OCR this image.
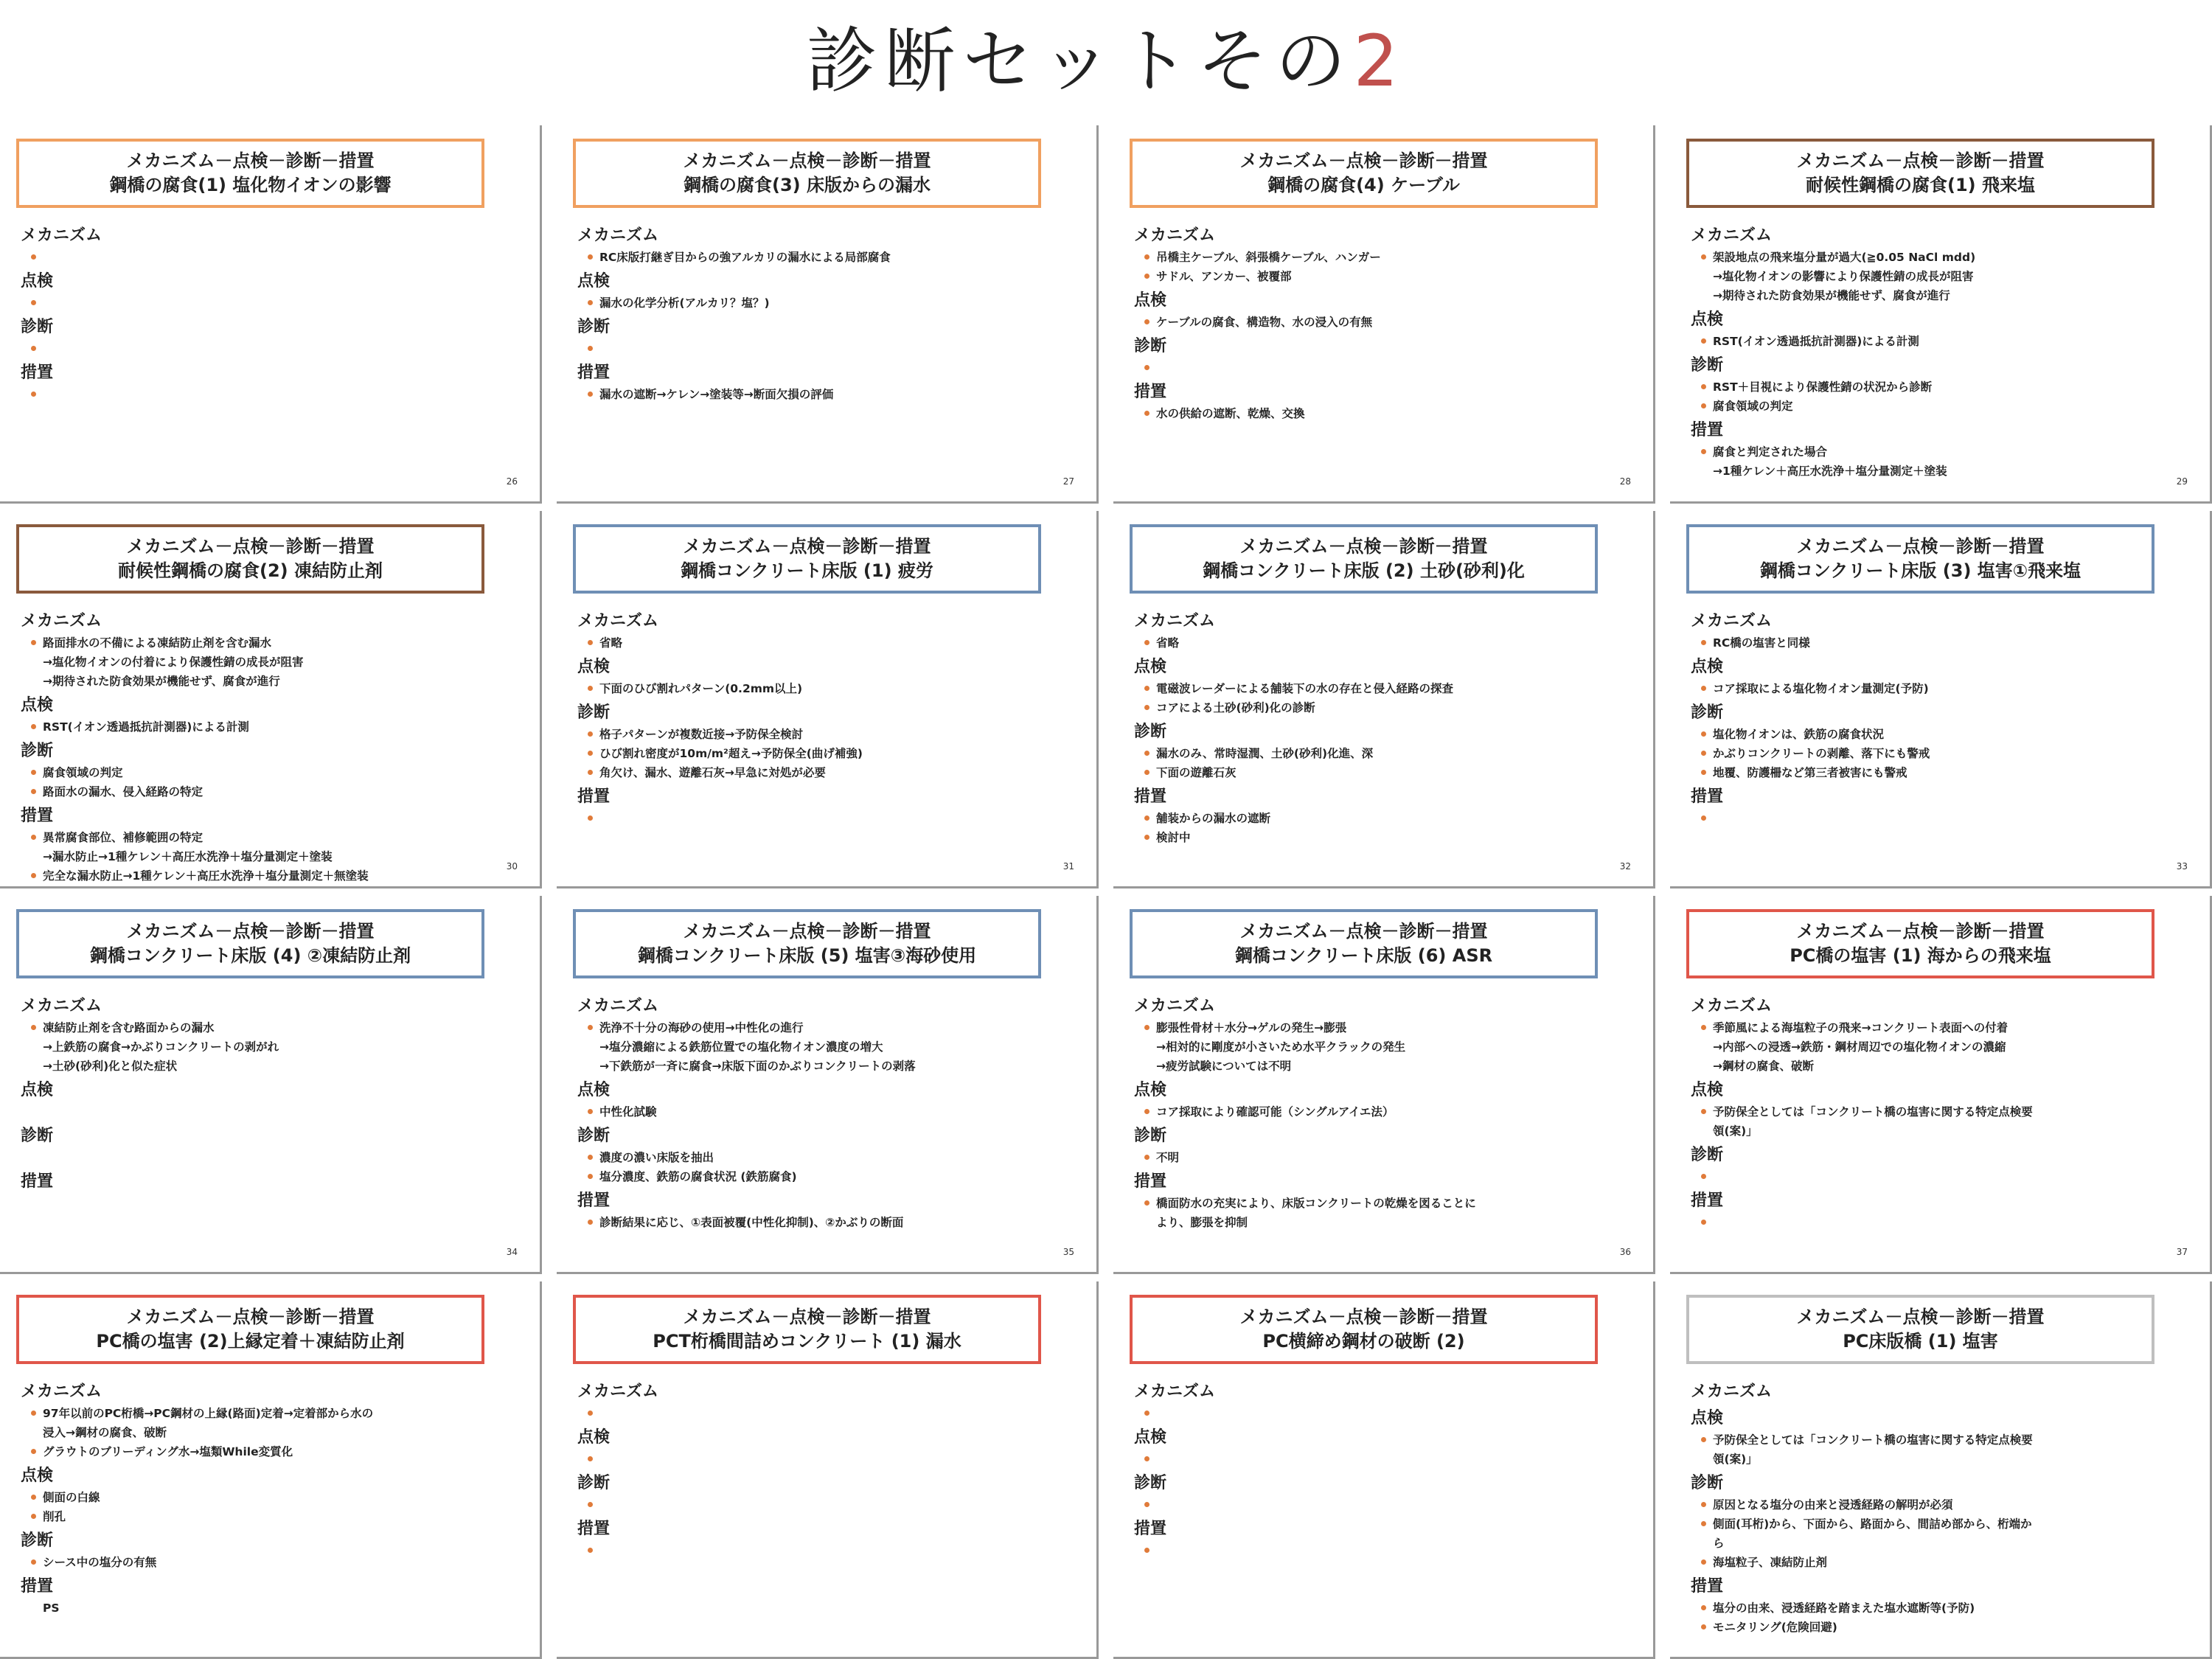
診断セットその2
メカニズム－点検－診断－措置
鋼橋の腐食(1) 塩化物イオンの影響
メカニズム

点検

診断

措置

26
メカニズム－点検－診断－措置
鋼橋の腐食(3) 床版からの漏水
メカニズム
RC床版打継ぎ目からの強アルカリの漏水による局部腐食
点検
漏水の化学分析(アルカリ？塩？)
診断

措置
漏水の遮断→ケレン→塗装等→断面欠損の評価
27
メカニズム－点検－診断－措置
鋼橋の腐食(4) ケーブル
メカニズム
吊橋主ケーブル、斜張橋ケーブル、ハンガー
サドル、アンカー、被覆部
点検
ケーブルの腐食、構造物、水の浸入の有無
診断

措置
水の供給の遮断、乾燥、交換
28
メカニズム－点検－診断－措置
耐候性鋼橋の腐食(1) 飛来塩
メカニズム
架設地点の飛来塩分量が過大(≧0.05 NaCl mdd)
→塩化物イオンの影響により保護性錆の成長が阻害
→期待された防食効果が機能せず、腐食が進行
点検
RST(イオン透過抵抗計測器)による計測
診断
RST＋目視により保護性錆の状況から診断
腐食領域の判定
措置
腐食と判定された場合
→1種ケレン＋高圧水洗浄＋塩分量測定＋塗装
29
メカニズム－点検－診断－措置
耐候性鋼橋の腐食(2) 凍結防止剤
メカニズム
路面排水の不備による凍結防止剤を含む漏水
→塩化物イオンの付着により保護性錆の成長が阻害
→期待された防食効果が機能せず、腐食が進行
点検
RST(イオン透過抵抗計測器)による計測
診断
腐食領域の判定
路面水の漏水、侵入経路の特定
措置
異常腐食部位、補修範囲の特定
→漏水防止→1種ケレン＋高圧水洗浄＋塩分量測定＋塗装
完全な漏水防止→1種ケレン＋高圧水洗浄＋塩分量測定＋無塗装
30
メカニズム－点検－診断－措置
鋼橋コンクリート床版 (1) 疲労
メカニズム
省略
点検
下面のひび割れパターン(0.2mm以上)
診断
格子パターンが複数近接→予防保全検討
ひび割れ密度が10m/m²超え→予防保全(曲げ補強)
角欠け、漏水、遊離石灰→早急に対処が必要
措置

31
メカニズム－点検－診断－措置
鋼橋コンクリート床版 (2) 土砂(砂利)化
メカニズム
省略
点検
電磁波レーダーによる舗装下の水の存在と侵入経路の探査
コアによる土砂(砂利)化の診断
診断
漏水のみ、常時湿潤、土砂(砂利)化進、深
下面の遊離石灰
措置
舗装からの漏水の遮断
検討中
32
メカニズム－点検－診断－措置
鋼橋コンクリート床版 (3) 塩害①飛来塩
メカニズム
RC橋の塩害と同様
点検
コア採取による塩化物イオン量測定(予防)
診断
塩化物イオンは、鉄筋の腐食状況
かぶりコンクリートの剥離、落下にも警戒
地覆、防護柵など第三者被害にも警戒
措置

33
メカニズム－点検－診断－措置
鋼橋コンクリート床版 (4) ②凍結防止剤
メカニズム
凍結防止剤を含む路面からの漏水
→上鉄筋の腐食→かぶりコンクリートの剥がれ
→土砂(砂利)化と似た症状
点検

診断

措置
34
メカニズム－点検－診断－措置
鋼橋コンクリート床版 (5) 塩害③海砂使用
メカニズム
洗浄不十分の海砂の使用→中性化の進行
→塩分濃縮による鉄筋位置での塩化物イオン濃度の増大
→下鉄筋が一斉に腐食→床版下面のかぶりコンクリートの剥落
点検
中性化試験
診断
濃度の濃い床版を抽出
塩分濃度、鉄筋の腐食状況 (鉄筋腐食)
措置
診断結果に応じ、①表面被覆(中性化抑制)、②かぶりの断面
35
メカニズム－点検－診断－措置
鋼橋コンクリート床版 (6) ASR
メカニズム
膨張性骨材＋水分→ゲルの発生→膨張
→相対的に剛度が小さいため水平クラックの発生
→疲労試験については不明
点検
コア採取により確認可能（シングルアイエ法）
診断
不明
措置
橋面防水の充実により、床版コンクリートの乾燥を図ることに
より、膨張を抑制
36
メカニズム－点検－診断－措置
PC橋の塩害 (1) 海からの飛来塩
メカニズム
季節風による海塩粒子の飛来→コンクリート表面への付着
→内部への浸透→鉄筋・鋼材周辺での塩化物イオンの濃縮
→鋼材の腐食、破断
点検
予防保全としては「コンクリート橋の塩害に関する特定点検要
領(案)」
診断

措置

37
メカニズム－点検－診断－措置
PC橋の塩害 (2)上縁定着＋凍結防止剤
メカニズム
97年以前のPC桁橋→PC鋼材の上縁(路面)定着→定着部から水の
浸入→鋼材の腐食、破断
グラウトのブリーディング水→塩類While変質化
点検
側面の白線
削孔
診断
シース中の塩分の有無
措置
PS
メカニズム－点検－診断－措置
PCT桁橋間詰めコンクリート (1) 漏水
メカニズム

点検

診断

措置

メカニズム－点検－診断－措置
PC横締め鋼材の破断 (2)
メカニズム

点検

診断

措置

メカニズム－点検－診断－措置
PC床版橋 (1) 塩害
メカニズム
点検
予防保全としては「コンクリート橋の塩害に関する特定点検要
領(案)」
診断
原因となる塩分の由来と浸透経路の解明が必須
側面(耳桁)から、下面から、路面から、間詰め部から、桁端か
ら
海塩粒子、凍結防止剤
措置
塩分の由来、浸透経路を踏まえた塩水遮断等(予防)
モニタリング(危険回避)
